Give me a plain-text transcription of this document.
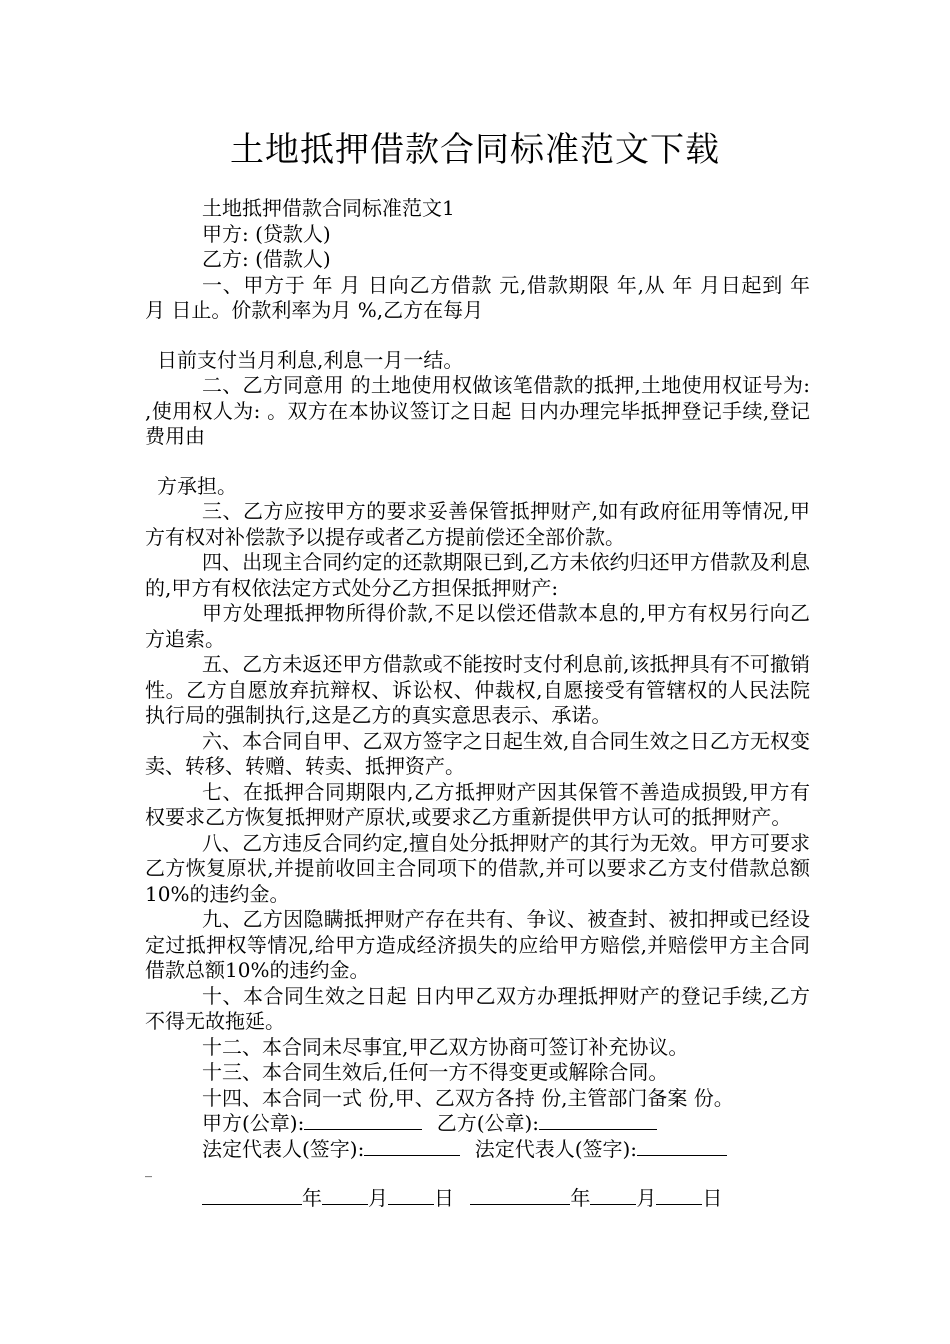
土地抵押借款合同标准范文下载

土地抵押借款合同标准范文1

甲方: (贷款人)

乙方: (借款人)

一、甲方于 年 月 日向乙方借款 元,借款期限 年,从 年 月日起到 年 月 日止。价款利率为月 %,乙方在每月

日前支付当月利息,利息一月一结。

二、乙方同意用 的土地使用权做该笔借款的抵押,土地使用权证号为: ,使用权人为: 。双方在本协议签订之日起 日内办理完毕抵押登记手续,登记费用由

方承担。

三、乙方应按甲方的要求妥善保管抵押财产,如有政府征用等情况,甲方有权对补偿款予以提存或者乙方提前偿还全部价款。

四、出现主合同约定的还款期限已到,乙方未依约归还甲方借款及利息的,甲方有权依法定方式处分乙方担保抵押财产:

甲方处理抵押物所得价款,不足以偿还借款本息的,甲方有权另行向乙方追索。

五、乙方未返还甲方借款或不能按时支付利息前,该抵押具有不可撤销性。乙方自愿放弃抗辩权、诉讼权、仲裁权,自愿接受有管辖权的人民法院执行局的强制执行,这是乙方的真实意思表示、承诺。

六、本合同自甲、乙双方签字之日起生效,自合同生效之日乙方无权变卖、转移、转赠、转卖、抵押资产。

七、在抵押合同期限内,乙方抵押财产因其保管不善造成损毁,甲方有权要求乙方恢复抵押财产原状,或要求乙方重新提供甲方认可的抵押财产。

八、乙方违反合同约定,擅自处分抵押财产的其行为无效。甲方可要求乙方恢复原状,并提前收回主合同项下的借款,并可以要求乙方支付借款总额10%的违约金。

九、乙方因隐瞒抵押财产存在共有、争议、被查封、被扣押或已经设定过抵押权等情况,给甲方造成经济损失的应给甲方赔偿,并赔偿甲方主合同借款总额10%的违约金。

十、本合同生效之日起 日内甲乙双方办理抵押财产的登记手续,乙方不得无故拖延。

十二、本合同未尽事宜,甲乙双方协商可签订补充协议。

十三、本合同生效后,任何一方不得变更或解除合同。

十四、本合同一式 份,甲、乙双方各持 份,主管部门备案 份。

甲方(公章):	乙方(公章):

法定代表人(签字):	法定代表人(签字):

_
年 月 日	年 月 日
